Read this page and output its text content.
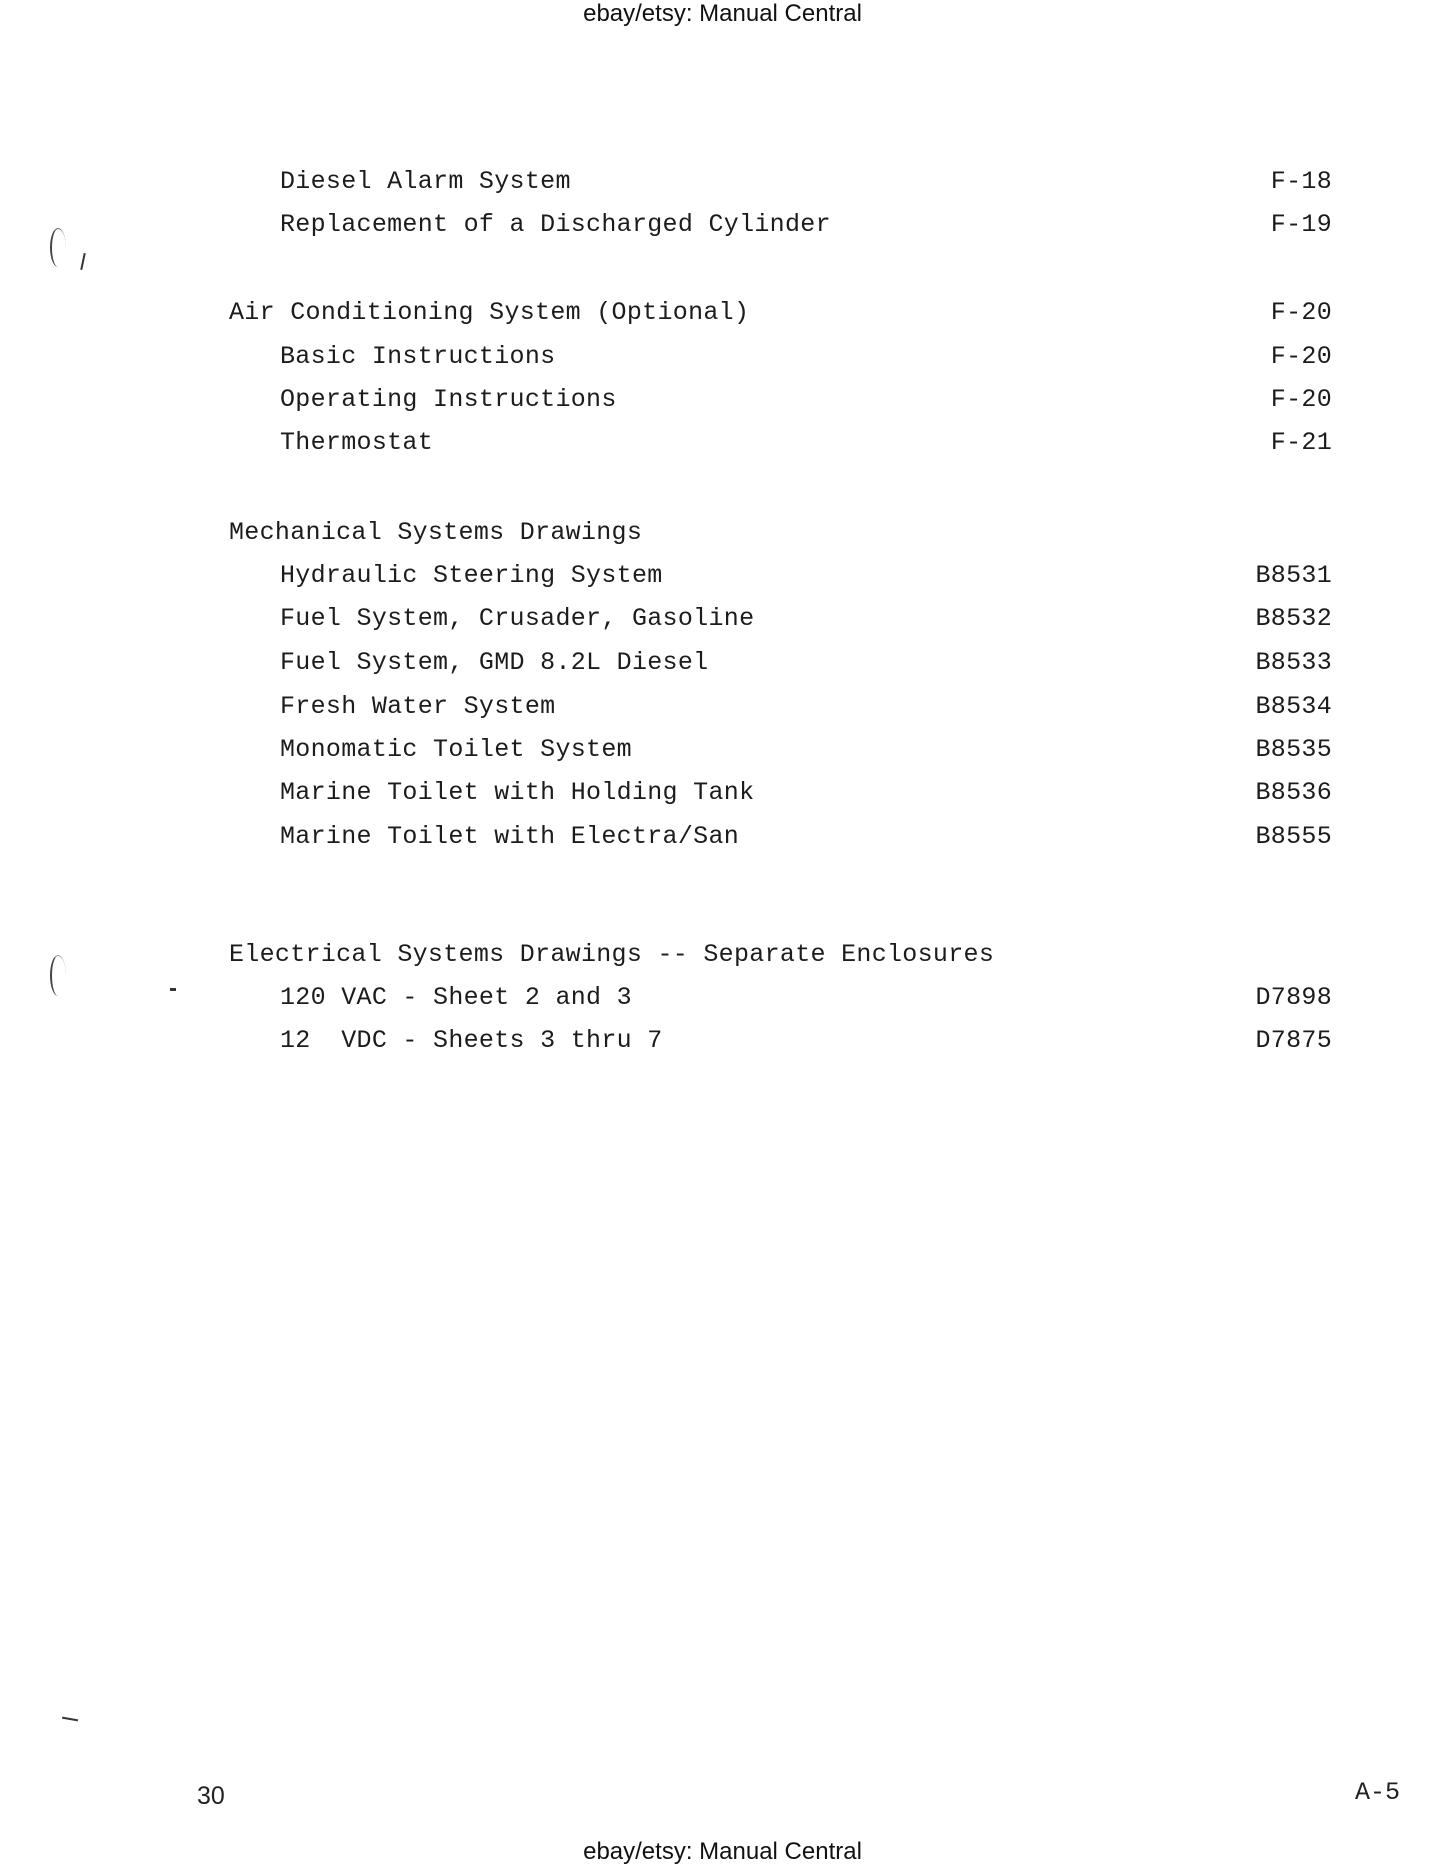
ebay/etsy: Manual Central
Diesel Alarm System	F-18
Replacement of a Discharged Cylinder	F-19
Air Conditioning System (Optional)	F-20
Basic Instructions	F-20
Operating Instructions	F-20
Thermostat	F-21
Mechanical Systems Drawings
Hydraulic Steering System	B8531
Fuel System, Crusader, Gasoline	B8532
Fuel System, GMD 8.2L Diesel	B8533
Fresh Water System	B8534
Monomatic Toilet System	B8535
Marine Toilet with Holding Tank	B8536
Marine Toilet with Electra/San	B8555
Electrical Systems Drawings -- Separate Enclosures
120 VAC - Sheet 2 and 3	D7898
12  VDC - Sheets 3 thru 7	D7875
30	A-5
ebay/etsy: Manual Central
